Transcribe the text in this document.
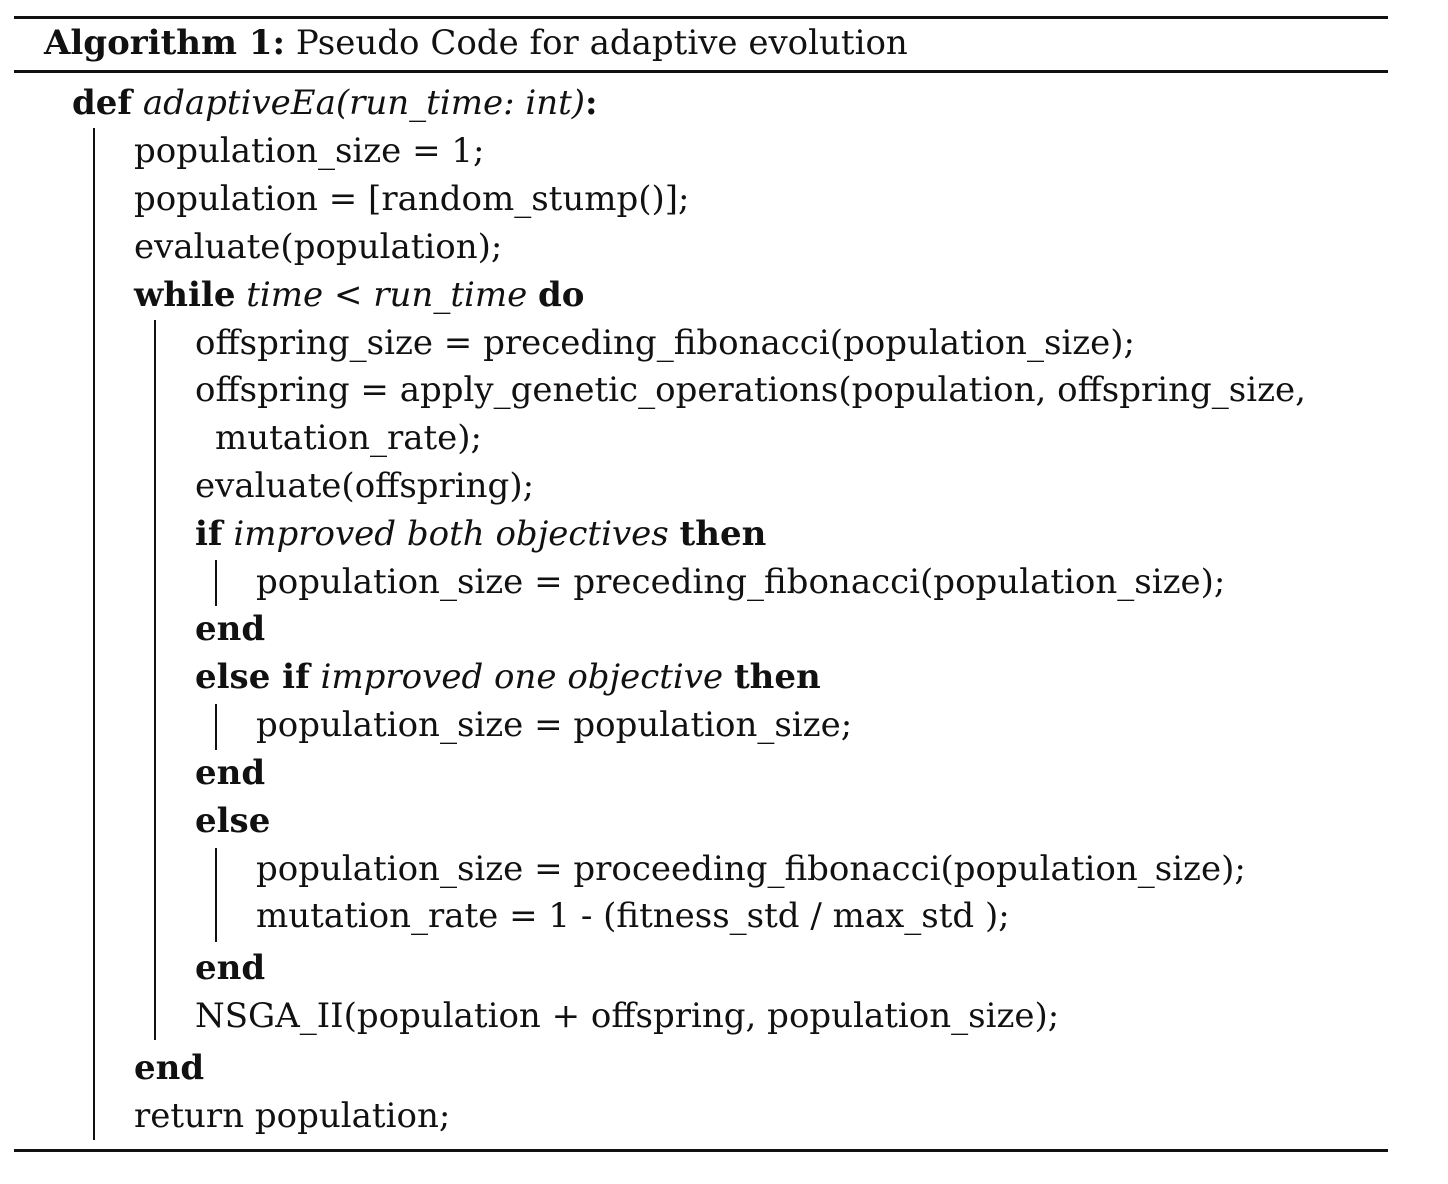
Algorithm 1: Pseudo Code for adaptive evolution
def adaptiveEa(run_time: int):
population_size = 1;
population = [random_stump()];
evaluate(population);
while time < run_time do
offspring_size = preceding_fibonacci(population_size);
offspring = apply_genetic_operations(population, offspring_size,
mutation_rate);
evaluate(offspring);
if improved both objectives then
population_size = preceding_fibonacci(population_size);
end
else if improved one objective then
population_size = population_size;
end
else
population_size = proceeding_fibonacci(population_size);
mutation_rate = 1 - (fitness_std / max_std );
end
NSGA_II(population + offspring, population_size);
end
return population;
